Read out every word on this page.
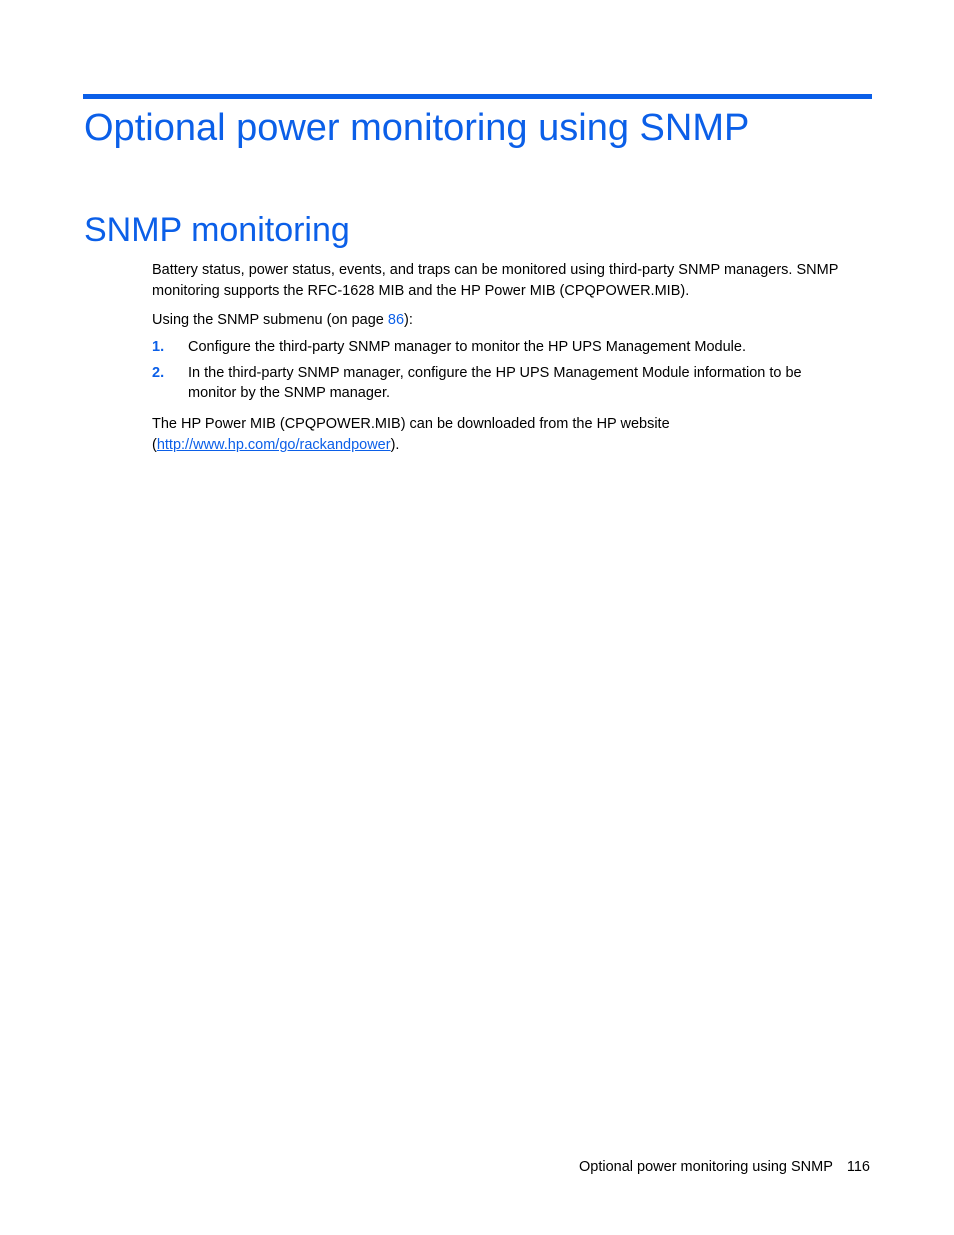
Optional power monitoring using SNMP
SNMP monitoring

Battery status, power status, events, and traps can be monitored using third-party SNMP managers. SNMP monitoring supports the RFC-1628 MIB and the HP Power MIB (CPQPOWER.MIB).

Using the SNMP submenu (on page 86):

1. Configure the third-party SNMP manager to monitor the HP UPS Management Module.
2. In the third-party SNMP manager, configure the HP UPS Management Module information to be monitor by the SNMP manager.

The HP Power MIB (CPQPOWER.MIB) can be downloaded from the HP website
(http://www.hp.com/go/rackandpower).

Optional power monitoring using SNMP 116
